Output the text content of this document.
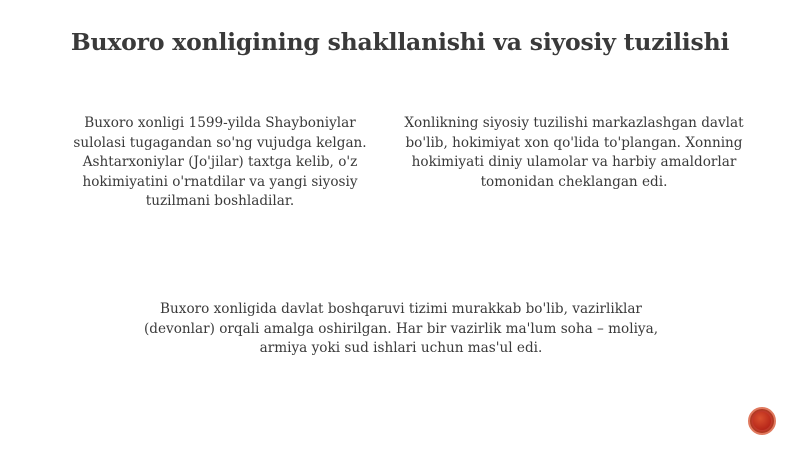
Buxoro xonligining shakllanishi va siyosiy tuzilishi

Buxoro xonligi 1599-yilda Shayboniylar sulolasi tugagandan so'ng vujudga kelgan. Ashtarxoniylar (Jo'jilar) taxtga kelib, o'z hokimiyatini o'rnatdilar va yangi siyosiy tuzilmani boshladilar.

Xonlikning siyosiy tuzilishi markazlashgan davlat bo'lib, hokimiyat xon qo'lida to'plangan. Xonning hokimiyati diniy ulamolar va harbiy amaldorlar tomonidan cheklangan edi.

Buxoro xonligida davlat boshqaruvi tizimi murakkab bo'lib, vazirliklar (devonlar) orqali amalga oshirilgan. Har bir vazirlik ma'lum soha – moliya, armiya yoki sud ishlari uchun mas'ul edi.
